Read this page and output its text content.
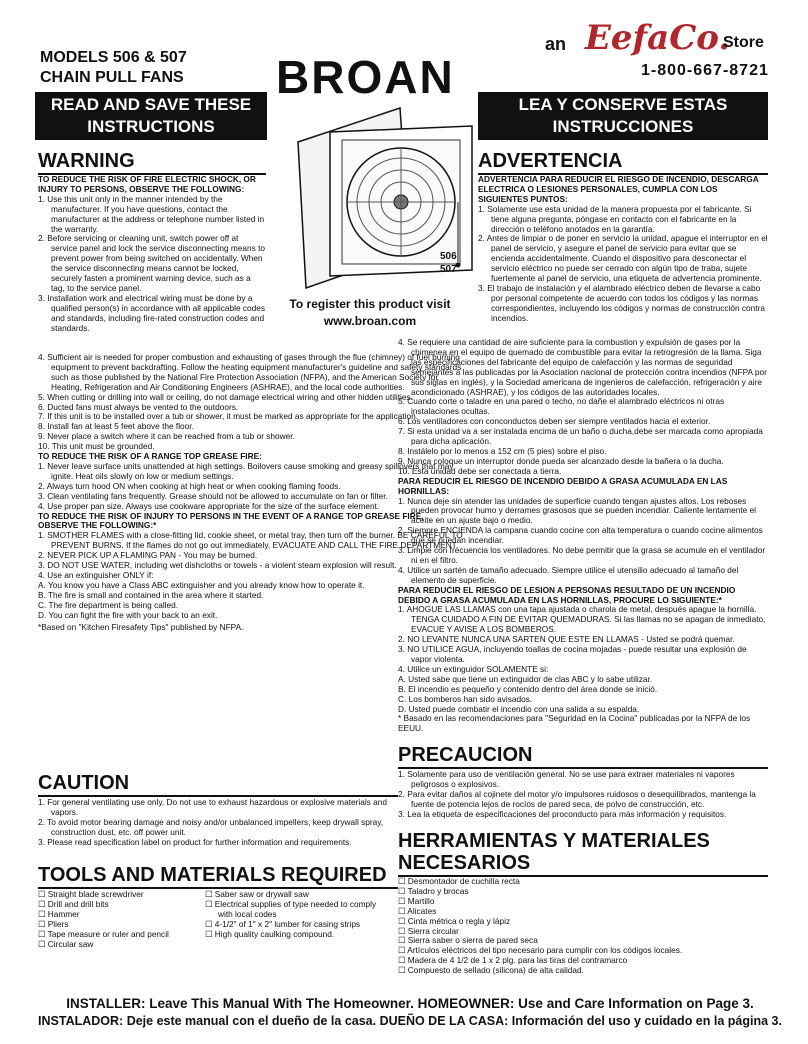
MODELS 506 & 507
CHAIN PULL FANS BROAN
an EefaCo.
Store
1-800-667-8721
READ AND SAVE THESE
INSTRUCTIONS
LEA Y CONSERVE ESTAS
INSTRUCCIONES
506
507
To register this product visit
www.broan.com
WARNING
TO REDUCE THE RISK OF FIRE ELECTRIC SHOCK, OR INJURY TO PERSONS, OBSERVE THE FOLLOWING:
1. Use this unit only in the manner intended by the manufacturer. If you have questions, contact the manufacturer at the address or telephone number listed in the warranty.
2. Before servicing or cleaning unit, switch power off at service panel and lock the service disconnecting means to prevent power from being switched on accidentally. When the service disconnecting means cannot be locked, securely fasten a prominent warning device, such as a tag, to the service panel.
3. Installation work and electrical wiring must be done by a qualified person(s) in accordance with all applicable codes and standards, including fire-rated construction codes and standards.
4. Sufficient air is needed for proper combustion and exhausting of gases through the flue (chimney) of fuel burning equipment to prevent backdrafting. Follow the heating equipment manufacturer's guideline and safety standards such as those published by the National Fire Protection Association (NFPA), and the American Society for Heating, Refrigeration and Air Conditioning Engineers (ASHRAE), and the local code authorities.
5. When cutting or drilling into wall or ceiling, do not damage electrical wiring and other hidden utilities.
6. Ducted fans must always be vented to the outdoors.
7. If this unit is to be installed over a tub or shower, it must be marked as appropriate for the application.
8. Install fan at least 5 feet above the floor.
9. Never place a switch where it can be reached from a tub or shower.
10. This unit must be grounded.
TO REDUCE THE RISK OF A RANGE TOP GREASE FIRE:
1. Never leave surface units unattended at high settings. Boilovers cause smoking and greasy spillovers that may ignite. Heat oils slowly on low or medium settings.
2. Always turn hood ON when cooking at high heat or when cooking flaming foods.
3. Clean ventilating fans frequently. Grease should not be allowed to accumulate on fan or filter.
4. Use proper pan size. Always use cookware appropriate for the size of the surface element.
TO REDUCE THE RISK OF INJURY TO PERSONS IN THE EVENT OF A RANGE TOP GREASE FIRE, OBSERVE THE FOLLOWING:*
1. SMOTHER FLAMES with a close-fitting lid, cookie sheet, or metal tray, then turn off the burner. BE CAREFUL TO PREVENT BURNS. If the flames do not go out immediately, EVACUATE AND CALL THE FIRE DEPARTMENT.
2. NEVER PICK UP A FLAMING PAN - You may be burned.
3. DO NOT USE WATER, including wet dishcloths or towels - a violent steam explosion will result.
4. Use an extinguisher ONLY if:
A. You know you have a Class ABC extinguisher and you already know how to operate it.
B. The fire is small and contained in the area where it started.
C. The fire department is being called.
D. You can fight the fire with your back to an exit.
*Based on "Kitchen Firesafety Tips" published by NFPA.
CAUTION
1. For general ventilating use only. Do not use to exhaust hazardous or explosive materials and vapors.
2. To avoid motor bearing damage and noisy and/or unbalanced impellers, keep drywall spray, construction dust, etc. off power unit.
3. Please read specification label on product for further information and requirements.
TOOLS AND MATERIALS REQUIRED
☐ Straight blade screwdriver
☐ Drill and drill bits
☐ Hammer
☐ Pliers
☐ Tape measure or ruler and pencil
☐ Circular saw
☐ Saber saw or drywall saw
☐ Electrical supplies of type needed to comply with local codes
☐ 4-1/2" of 1" x 2" lumber for casing strips
☐ High quality caulking compound.
ADVERTENCIA
ADVERTENCIA PARA REDUCIR EL RIESGO DE INCENDIO, DESCARGA ELECTRICA O LESIONES PERSONALES, CUMPLA CON LOS SIGUIENTES PUNTOS:
1. Solamente use esta unidad de la manera propuesta por el fabricante. Si tiene alguna pregunta, póngase en contacto con el fabricante en la dirección o teléfono anotados en la garantía.
2. Antes de limpiar o de poner en servicio la unidad, apague el interruptor en el panel de servicio, y asegure el panel de servicio para evitar que se encienda accidentalmente. Cuando el dispositivo para desconectar el servicio eléctrico no puede ser cerrado con algún tipo de traba, sujete fuertemente al panel de servicio, una etiqueta de advertencia prominente.
3. El trabajo de instalación y el alambrado eléctrico deben de llevarse a cabo por personal competente de acuerdo con todos los códigos y las normas correspondientes, incluyendo los códigos y normas de construcción contra incendios.
4. Se requiere una cantidad de aire suficiente para la combustion y expulsión de gases por la chimenea en el equipo de quemado de combustible para evitar la retrogresión de la llama. Siga las especificaciones del fabricante del equipo de calefacción y las normas de seguridad semejantes a las publicadas por la Asociation nacional de protección contra incendios (NFPA por sus siglas en inglés), y la Sociedad americana de ingenieros de calefacción, refrigeración y aire acondicionado (ASHRAE), y los códigos de las autoridades locales.
5. Cuando corte o taladre en una pared o techo, no dañe el alambrado eléctricos ni otras instalaciones ocultas.
6. Los ventiladores con conconductos deben ser siempre ventilados hacia el exterior.
7. Si esta unidad va a ser instalada encima de un baño o ducha,debe ser marcada como apropiada para dicha aplicación.
8. Instálelo por lo menos a 152 cm (5 pies) sobre el piso.
9. Nunca coloque un interruptor donde pueda ser alcanzado desde la bañera o la ducha.
10. Esta unidad debe ser conectada a tierra.
PARA REDUCIR EL RIESGO DE INCENDIO DEBIDO A GRASA ACUMULADA EN LAS HORNILLAS:
1. Nunca deje sin atender las unidades de superficie cuando tengan ajustes altos. Los reboses pueden provocar humo y derrames grasosos que se pueden incendiar. Caliente lentamente el aceite en un ajuste bajo o medio.
2. Siempre ENCIENDA la campana cuando cocine con alta temperatura o cuando cocine alimentos que se puedan incendiar.
3. Limpie con frecuencia los ventiladores. No debe permitir que la grasa se acumule en el ventilador ni en el filtro.
4. Utilice un sartén de tamaño adecuado. Siempre utilice el utensilio adecuado al tamaño del elemento de superficie.
PARA REDUCIR EL RIESGO DE LESION A PERSONAS RESULTADO DE UN INCENDIO DEBIDO A GRASA ACUMULADA EN LAS HORNILLAS, PROCURE LO SIGUIENTE:*
1. AHOGUE LAS LLAMAS con una tapa ajustada o charola de metal, después apague la hornilla. TENGA CUIDADO A FIN DE EVITAR QUEMADURAS. Si las llamas no se apagan de inmediato, EVACUE Y AVISE A LOS BOMBEROS.
2. NO LEVANTE NUNCA UNA SARTEN QUE ESTE EN LLAMAS - Usted se podrá quemar.
3. NO UTILICE AGUA, incluyendo toallas de cocina mojadas - puede resultar una explosión de vapor violenta.
4. Utilice un extinguidor SOLAMENTE si:
A. Usted sabe que tiene un extinguidor de clas ABC y lo sabe utilizar.
B. El incendio es pequeño y contenido dentro del área donde se inició.
C. Los bomberos han sido avisados.
D. Usted puede combatir el incendio con una salida a su espalda.
* Basado en las recomendaciones para "Seguridad en la Cocina" publicadas por la NFPA de los EEUU.
PRECAUCION
1. Solamente para uso de ventilación general. No se use para extraer materiales ni vapores peligrosos o explosivos.
2. Para evitar daños al cojinete del motor y/o impulsores ruidosos o desequilibrados, mantenga la fuente de potencia lejos de rocíos de pared seca, de polvo de construcción, etc.
3. Lea la etiqueta de especificaciones del proconducto para más información y requisitos.
HERRAMIENTAS Y MATERIALES
NECESARIOS
☐ Desmontador de cuchilla recta
☐ Taladro y brocas
☐ Martillo
☐ Alicates
☐ Cinta métrica o regla y lápiz
☐ Sierra circular
☐ Sierra saber o sierra de pared seca
☐ Artículos eléctricos del tipo necesario para cumplir con los códigos locales.
☐ Madera de 4 1/2 de 1 x 2 plg. para las tiras del contramarco
☐ Compuesto de sellado (silicona) de alta calidad.
INSTALLER: Leave This Manual With The Homeowner. HOMEOWNER: Use and Care Information on Page 3.
INSTALADOR: Deje este manual con el dueño de la casa. DUEÑO DE LA CASA: Información del uso y cuidado en la página 3.
